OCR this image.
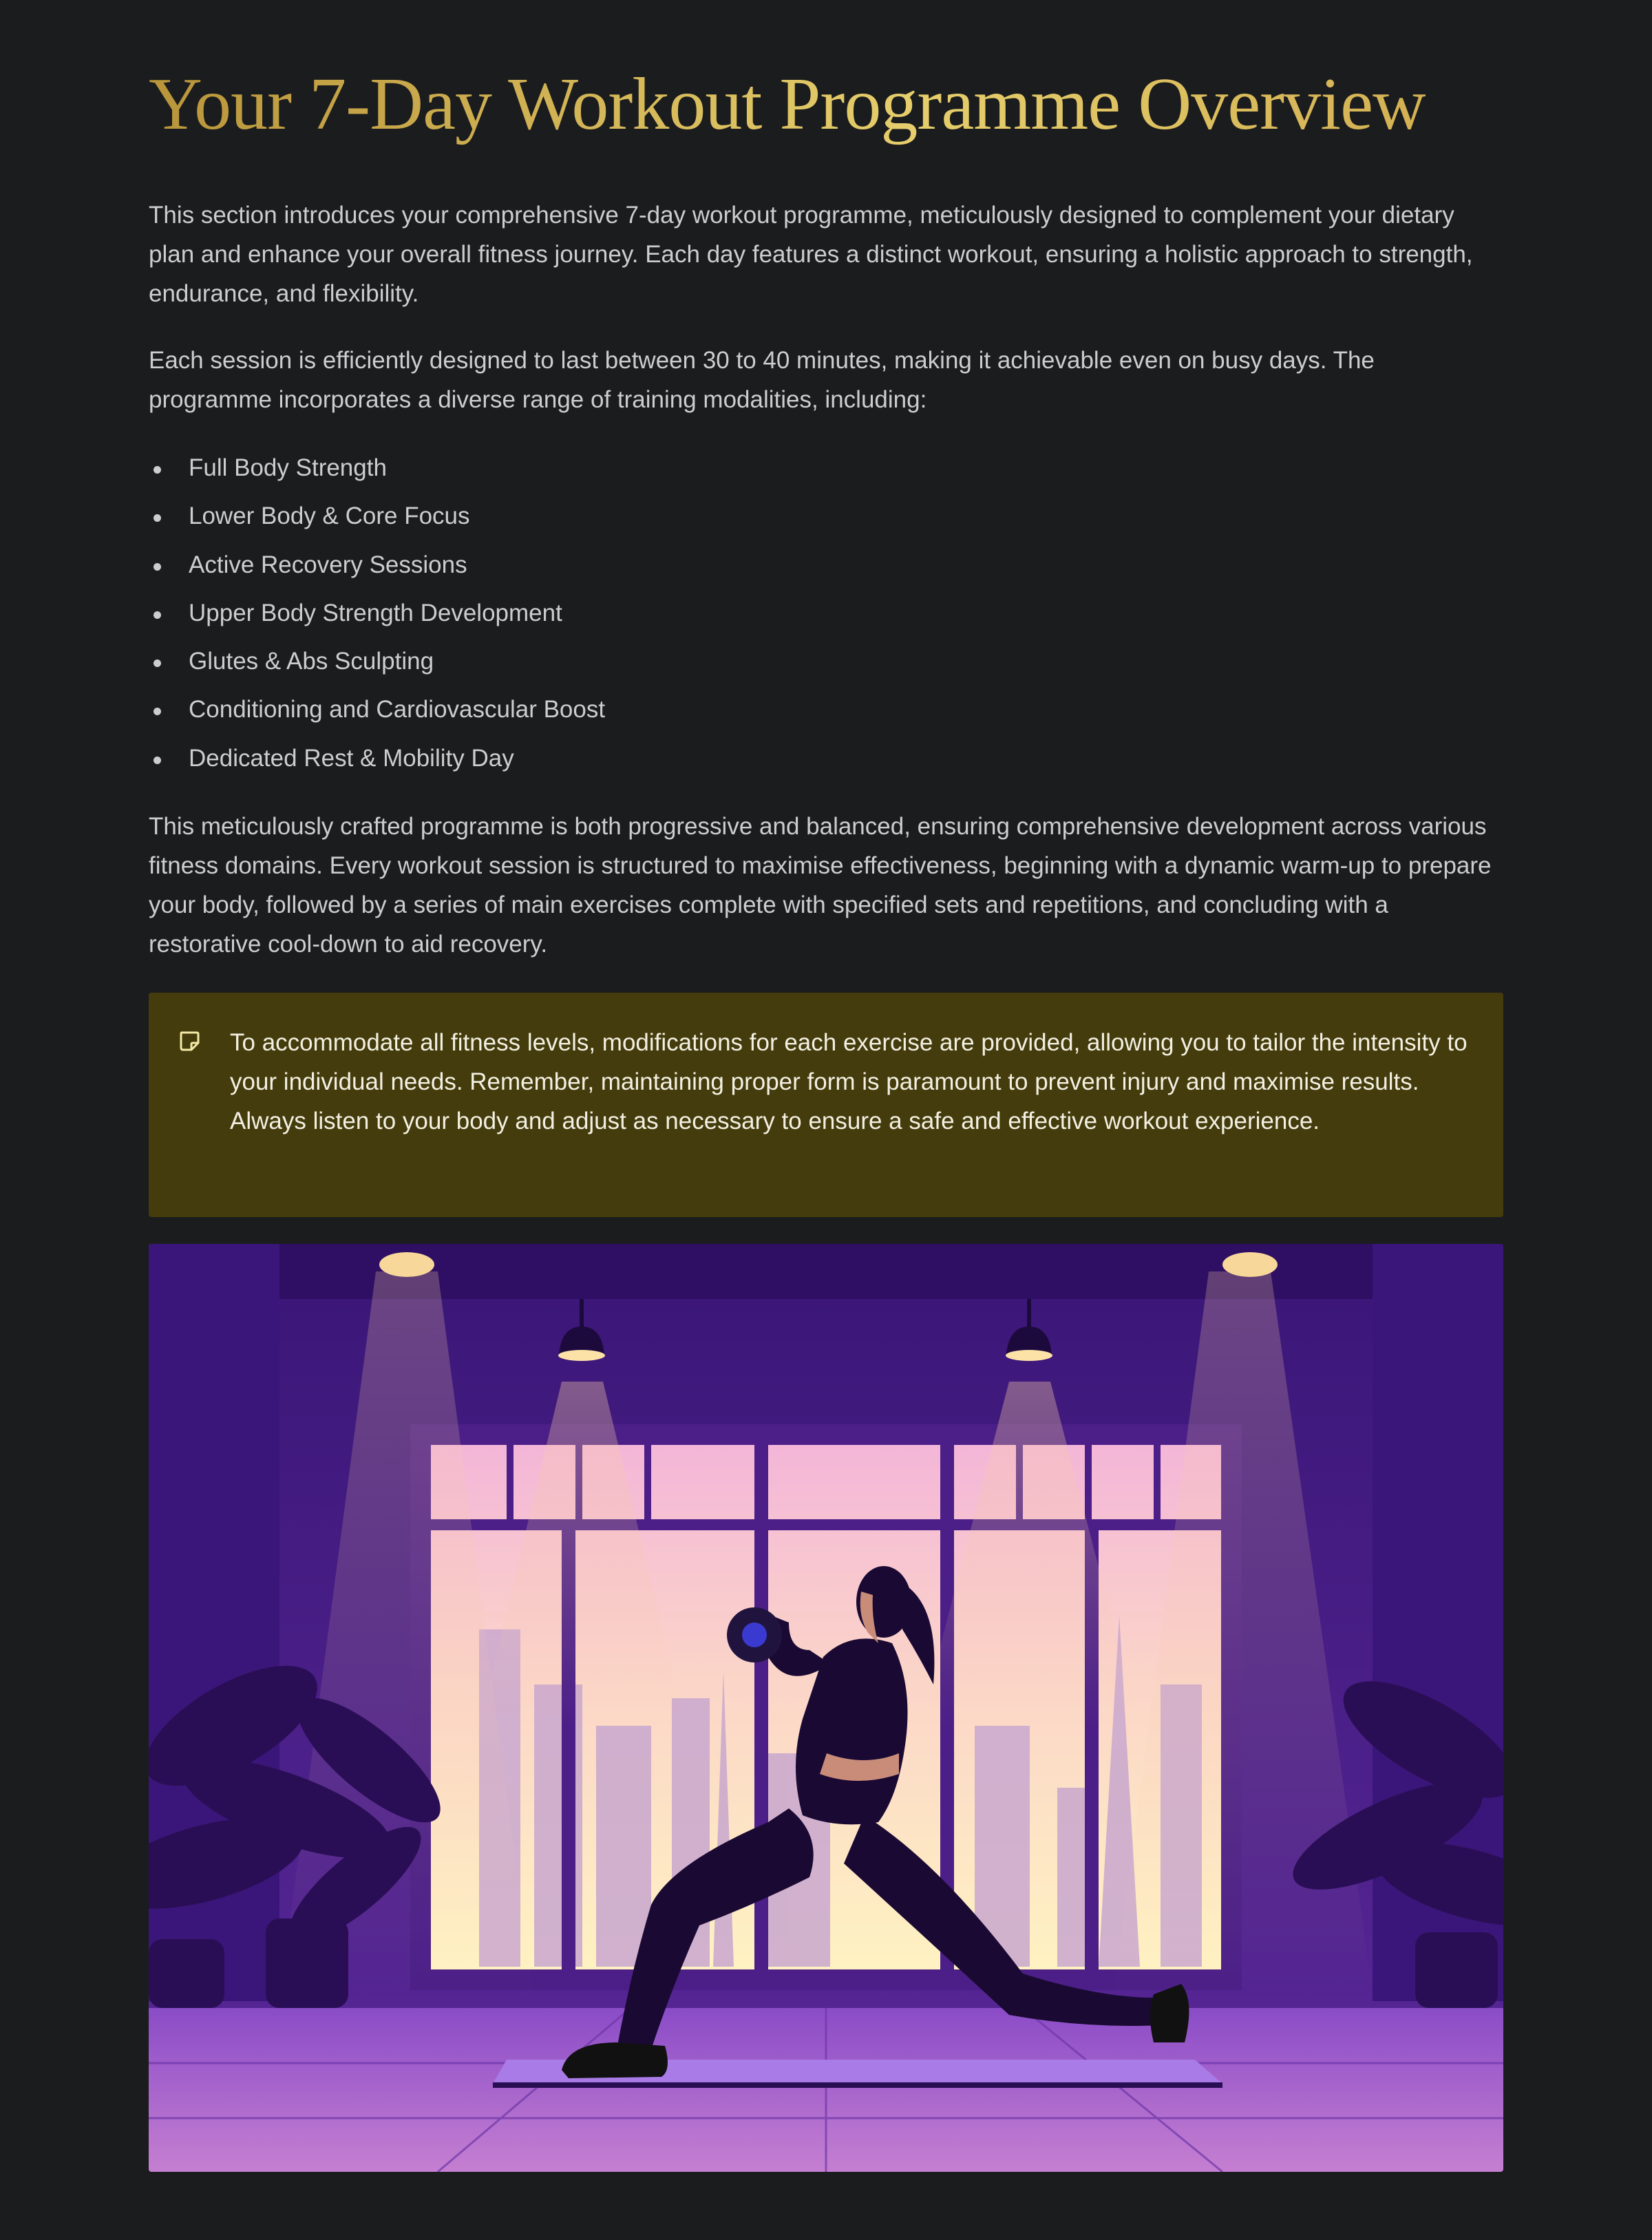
Your 7-Day Workout Programme Overview

This section introduces your comprehensive 7-day workout programme, meticulously designed to complement your dietary plan and enhance your overall fitness journey. Each day features a distinct workout, ensuring a holistic approach to strength, endurance, and flexibility.

Each session is efficiently designed to last between 30 to 40 minutes, making it achievable even on busy days. The programme incorporates a diverse range of training modalities, including:

Full Body Strength
Lower Body & Core Focus
Active Recovery Sessions
Upper Body Strength Development
Glutes & Abs Sculpting
Conditioning and Cardiovascular Boost
Dedicated Rest & Mobility Day

This meticulously crafted programme is both progressive and balanced, ensuring comprehensive development across various fitness domains. Every workout session is structured to maximise effectiveness, beginning with a dynamic warm-up to prepare your body, followed by a series of main exercises complete with specified sets and repetitions, and concluding with a restorative cool-down to aid recovery.

To accommodate all fitness levels, modifications for each exercise are provided, allowing you to tailor the intensity to your individual needs. Remember, maintaining proper form is paramount to prevent injury and maximise results. Always listen to your body and adjust as necessary to ensure a safe and effective workout experience.
